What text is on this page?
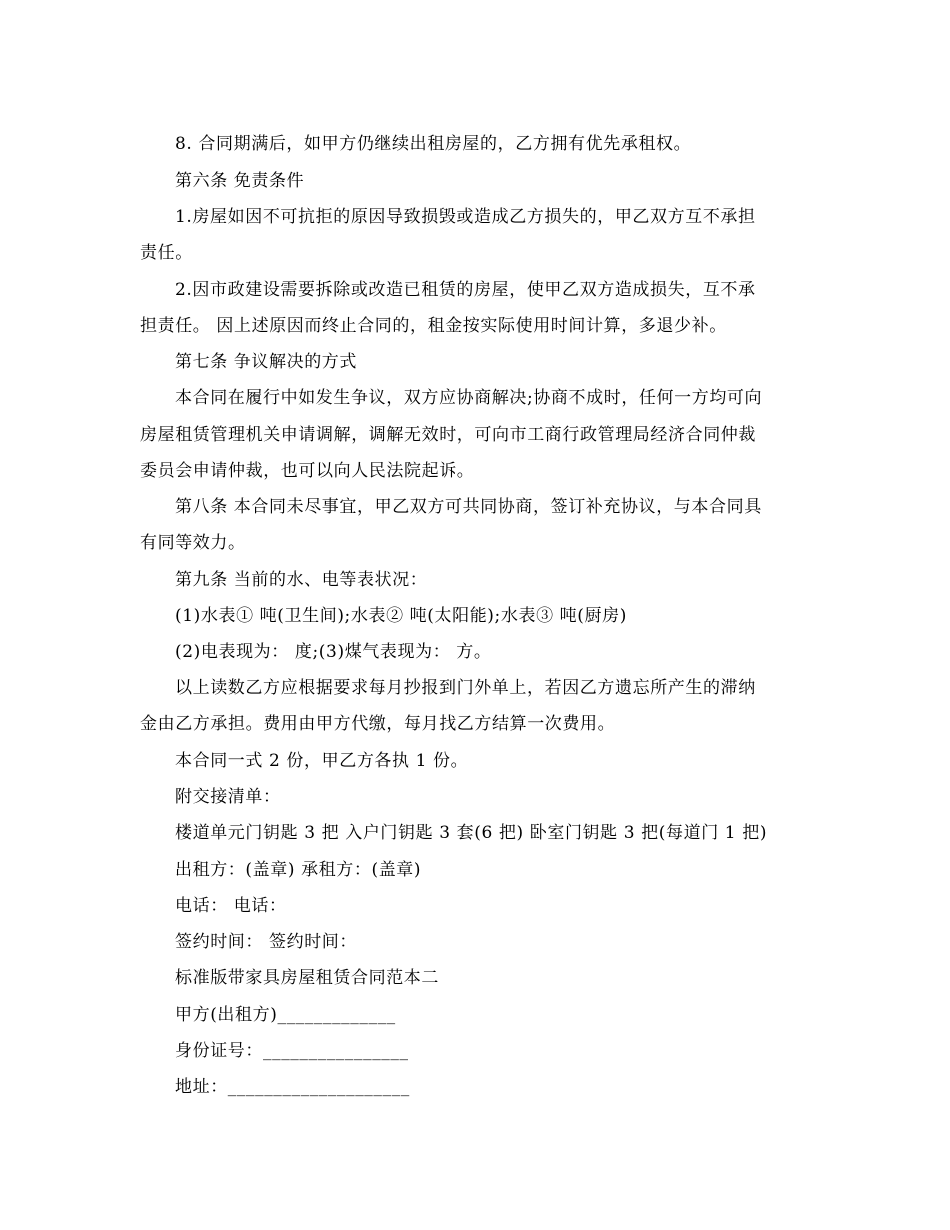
8. 合同期满后，如甲方仍继续出租房屋的，乙方拥有优先承租权。
第六条 免责条件
1.房屋如因不可抗拒的原因导致损毁或造成乙方损失的，甲乙双方互不承担
责任。
2.因市政建设需要拆除或改造已租赁的房屋，使甲乙双方造成损失，互不承
担责任。 因上述原因而终止合同的，租金按实际使用时间计算，多退少补。
第七条 争议解决的方式
本合同在履行中如发生争议，双方应协商解决;协商不成时，任何一方均可向
房屋租赁管理机关申请调解，调解无效时，可向市工商行政管理局经济合同仲裁
委员会申请仲裁，也可以向人民法院起诉。
第八条 本合同未尽事宜，甲乙双方可共同协商，签订补充协议，与本合同具
有同等效力。
第九条 当前的水、电等表状况：
(1)水表① 吨(卫生间);水表② 吨(太阳能);水表③ 吨(厨房)
(2)电表现为： 度;(3)煤气表现为： 方。
以上读数乙方应根据要求每月抄报到门外单上，若因乙方遗忘所产生的滞纳
金由乙方承担。费用由甲方代缴，每月找乙方结算一次费用。
本合同一式 2 份，甲乙方各执 1 份。
附交接清单：
楼道单元门钥匙 3 把 入户门钥匙 3 套(6 把) 卧室门钥匙 3 把(每道门 1 把)
出租方：(盖章) 承租方：(盖章)
电话： 电话：
签约时间： 签约时间：
标准版带家具房屋租赁合同范本二
甲方(出租方)_____________
身份证号：________________
地址：____________________
